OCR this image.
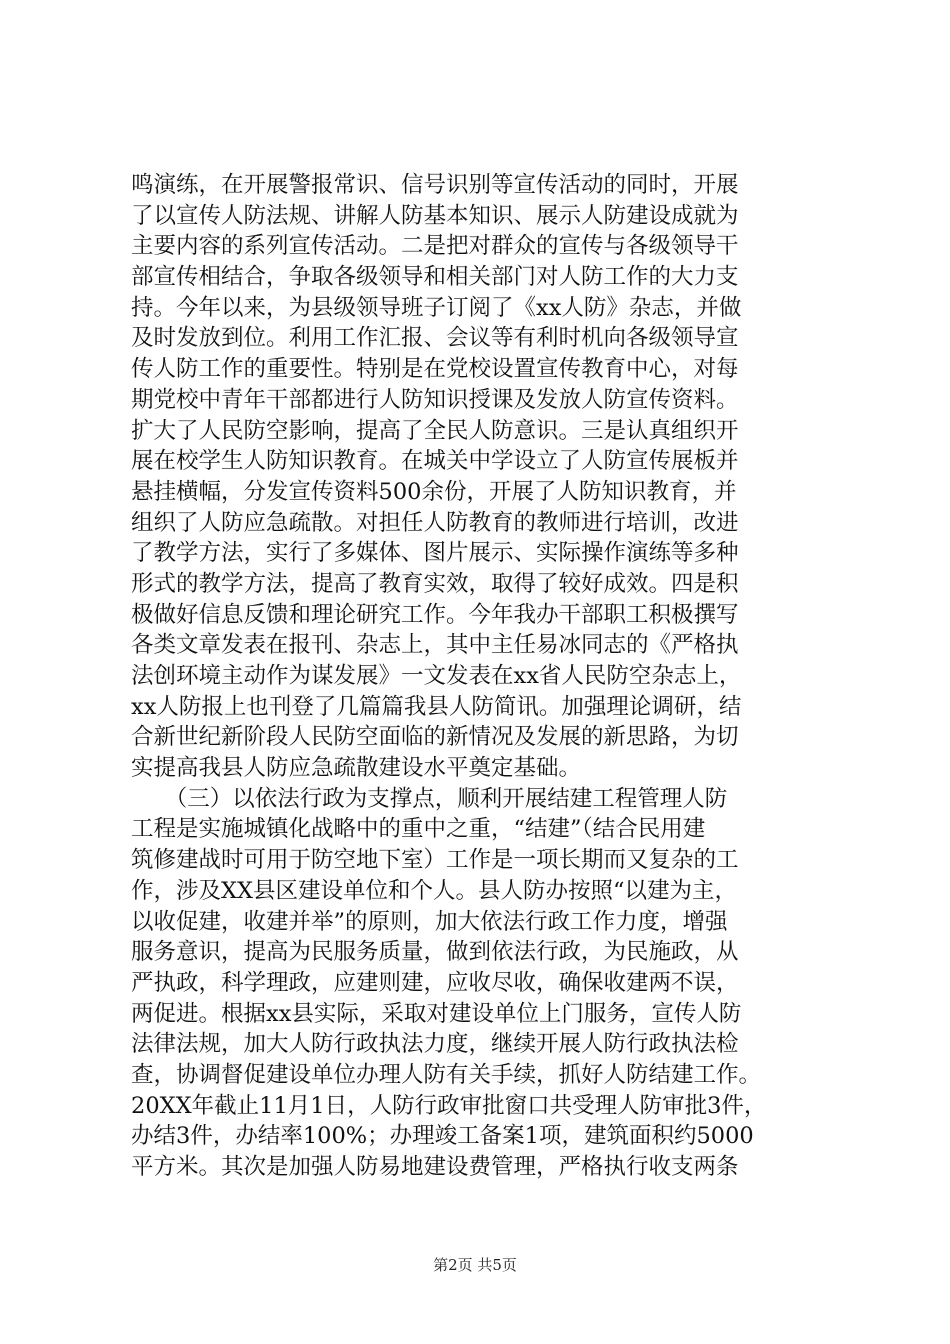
鸣演练，在开展警报常识、信号识别等宣传活动的同时，开展
了以宣传人防法规、讲解人防基本知识、展示人防建设成就为
主要内容的系列宣传活动。二是把对群众的宣传与各级领导干
部宣传相结合，争取各级领导和相关部门对人防工作的大力支
持。今年以来，为县级领导班子订阅了《xx人防》杂志，并做
及时发放到位。利用工作汇报、会议等有利时机向各级领导宣
传人防工作的重要性。特别是在党校设置宣传教育中心，对每
期党校中青年干部都进行人防知识授课及发放人防宣传资料。
扩大了人民防空影响，提高了全民人防意识。三是认真组织开
展在校学生人防知识教育。在城关中学设立了人防宣传展板并
悬挂横幅，分发宣传资料500余份，开展了人防知识教育，并
组织了人防应急疏散。对担任人防教育的教师进行培训，改进
了教学方法，实行了多媒体、图片展示、实际操作演练等多种
形式的教学方法，提高了教育实效，取得了较好成效。四是积
极做好信息反馈和理论研究工作。今年我办干部职工积极撰写
各类文章发表在报刊、杂志上，其中主任易冰同志的《严格执
法创环境主动作为谋发展》一文发表在xx省人民防空杂志上，
xx人防报上也刊登了几篇篇我县人防简讯。加强理论调研，结
合新世纪新阶段人民防空面临的新情况及发展的新思路，为切
实提高我县人防应急疏散建设水平奠定基础。
　　（三）以依法行政为支撑点，顺利开展结建工程管理人防
工程是实施城镇化战略中的重中之重，“结建”（结合民用建
筑修建战时可用于防空地下室）工作是一项长期而又复杂的工
作，涉及XX县区建设单位和个人。县人防办按照“以建为主，
以收促建，收建并举”的原则，加大依法行政工作力度，增强
服务意识，提高为民服务质量，做到依法行政，为民施政，从
严执政，科学理政，应建则建，应收尽收，确保收建两不误，
两促进。根据xx县实际，采取对建设单位上门服务，宣传人防
法律法规，加大人防行政执法力度，继续开展人防行政执法检
查，协调督促建设单位办理人防有关手续，抓好人防结建工作。
20XX年截止11月1日，人防行政审批窗口共受理人防审批3件，
办结3件，办结率100%；办理竣工备案1项，建筑面积约5000
平方米。其次是加强人防易地建设费管理，严格执行收支两条
第2页 共5页
